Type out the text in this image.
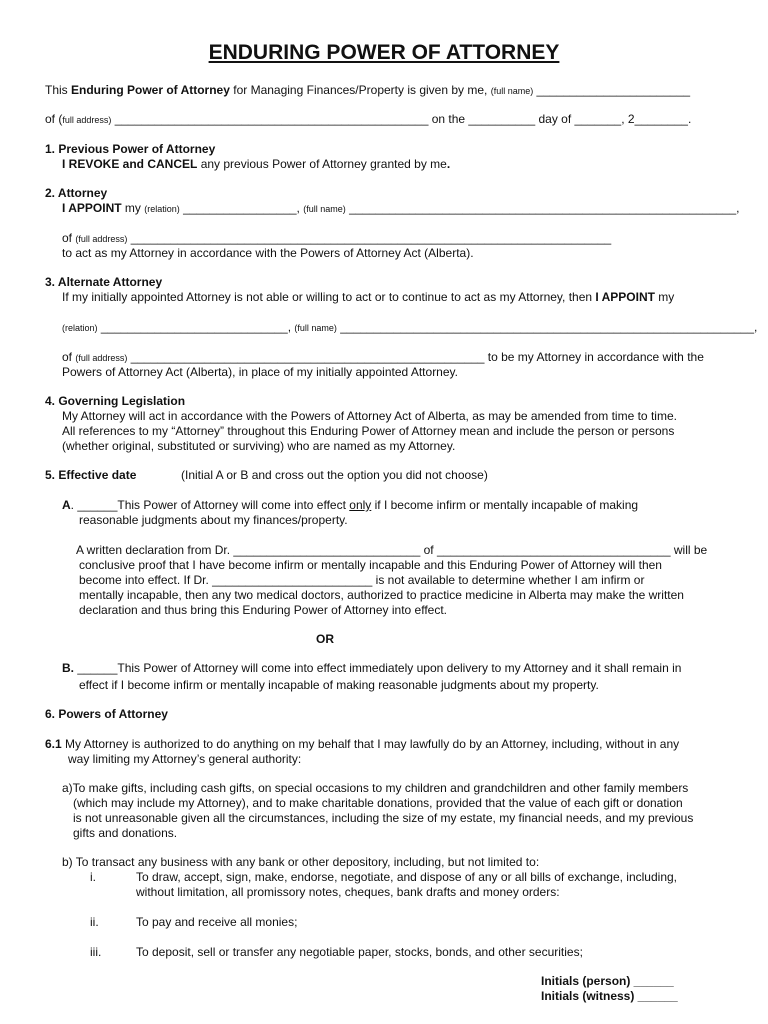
ENDURING POWER OF ATTORNEY
This Enduring Power of Attorney for Managing Finances/Property is given by me, (full name) _______________________
of (full address) _______________________________________________ on the __________ day of _______, 2________.
1. Previous Power of Attorney
I REVOKE and CANCEL any previous Power of Attorney granted by me.
2. Attorney
I APPOINT my (relation) _________________, (full name) __________________________________________________________,
of (full address) ________________________________________________________________________
to act as my Attorney in accordance with the Powers of Attorney Act (Alberta).
3. Alternate Attorney
If my initially appointed Attorney is not able or willing to act or to continue to act as my Attorney, then I APPOINT my
(relation) ____________________________, (full name) ______________________________________________________________,
of (full address) _____________________________________________________ to be my Attorney in accordance with the
Powers of Attorney Act (Alberta), in place of my initially appointed Attorney.
4. Governing Legislation
My Attorney will act in accordance with the Powers of Attorney Act of Alberta, as may be amended from time to time.
All references to my “Attorney” throughout this Enduring Power of Attorney mean and include the person or persons
(whether original, substituted or surviving) who are named as my Attorney.
5. Effective date	(Initial A or B and cross out the option you did not choose)
A. ______This Power of Attorney will come into effect only if I become infirm or mentally incapable of making
reasonable judgments about my finances/property.
A written declaration from Dr. ____________________________ of ___________________________________ will be
conclusive proof that I have become infirm or mentally incapable and this Enduring Power of Attorney will then
become into effect. If Dr. ________________________ is not available to determine whether I am infirm or
mentally incapable, then any two medical doctors, authorized to practice medicine in Alberta may make the written
declaration and thus bring this Enduring Power of Attorney into effect.
OR
B. ______This Power of Attorney will come into effect immediately upon delivery to my Attorney and it shall remain in
effect if I become infirm or mentally incapable of making reasonable judgments about my property.
6. Powers of Attorney
6.1 My Attorney is authorized to do anything on my behalf that I may lawfully do by an Attorney, including, without in any
way limiting my Attorney’s general authority:
a)To make gifts, including cash gifts, on special occasions to my children and grandchildren and other family members
(which may include my Attorney), and to make charitable donations, provided that the value of each gift or donation
is not unreasonable given all the circumstances, including the size of my estate, my financial needs, and my previous
gifts and donations.
b) To transact any business with any bank or other depository, including, but not limited to:
i.	To draw, accept, sign, make, endorse, negotiate, and dispose of any or all bills of exchange, including,
without limitation, all promissory notes, cheques, bank drafts and money orders:
ii.	To pay and receive all monies;
iii.	To deposit, sell or transfer any negotiable paper, stocks, bonds, and other securities;
Initials (person) ______
Initials (witness) ______
